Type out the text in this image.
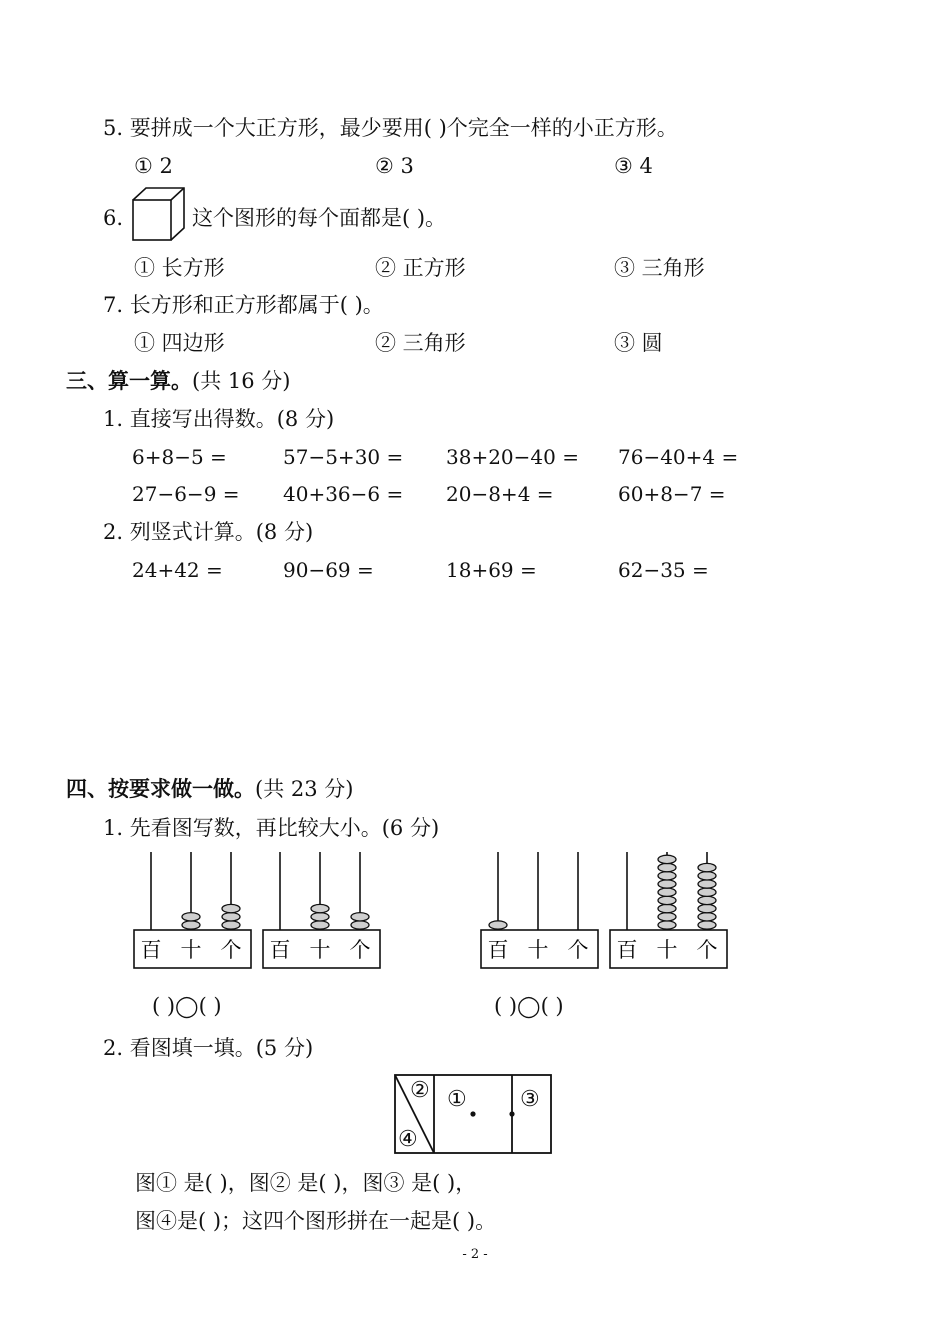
5. 要拼成一个大正方形，最少要用( )个完全一样的小正方形。
① 2	② 3	③ 4
6.	这个图形的每个面都是( )。
① 长方形	② 正方形	③ 三角形
7. 长方形和正方形都属于( )。
① 四边形	② 三角形	③ 圆
三、算一算。(共 16 分)
1. 直接写出得数。(8 分)
6+8−5 =	57−5+30 = 38+20−40 = 76−40+4 =
27−6−9 = 40+36−6 = 20−8+4 =	60+8−7 =
2. 列竖式计算。(8 分)
24+42 =	90−69 =	18+69 =	62−35 =
四、按要求做一做。(共 23 分)
1. 先看图写数，再比较大小。(6 分)
百 十 个 百 十 个	百 十 个 百 十 个
( )◯( )	( )◯( )
2. 看图填一填。(5 分)
② ① ③
④
图① 是( )，图② 是( )，图③ 是( )，
图④是( )；这四个图形拼在一起是( )。
- 2 -
